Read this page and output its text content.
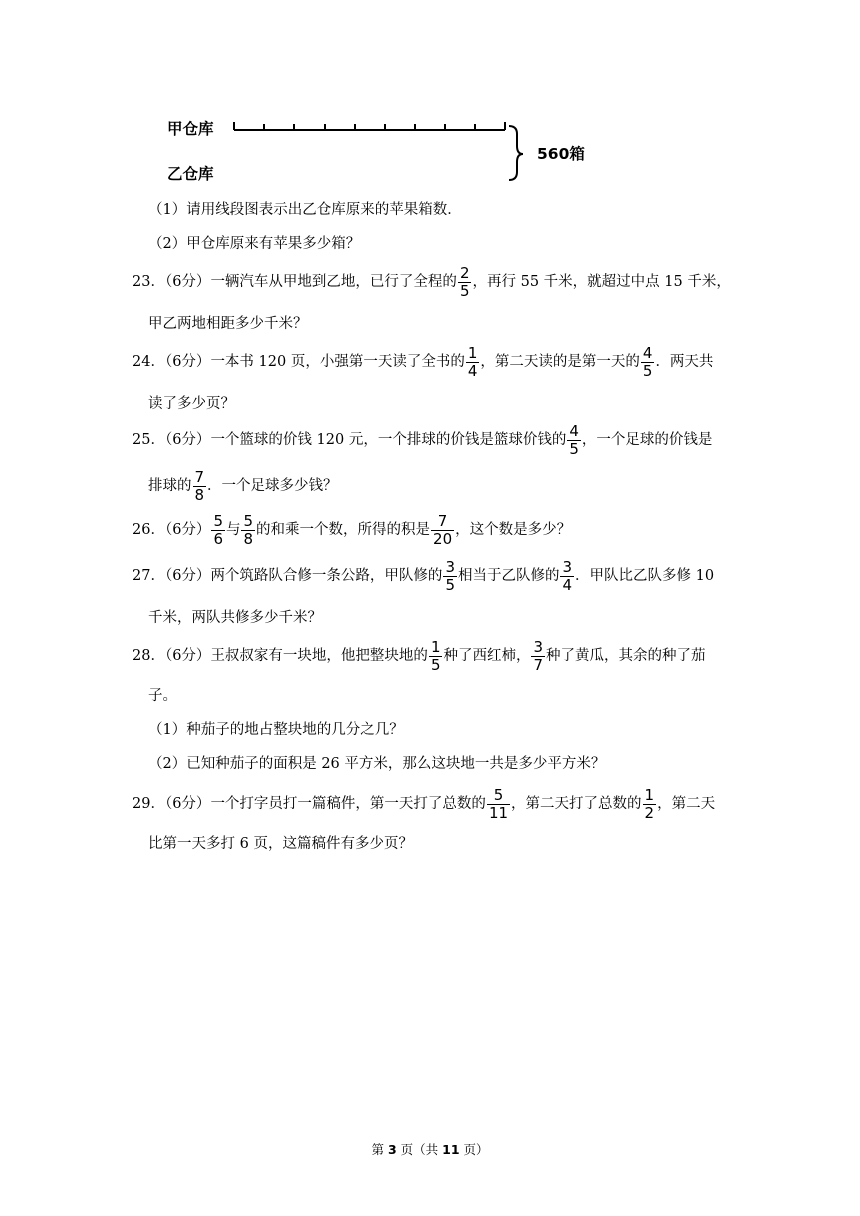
甲仓库
乙仓库
560箱
（1）请用线段图表示出乙仓库原来的苹果箱数．
（2）甲仓库原来有苹果多少箱？
23．（6分）一辆汽车从甲地到乙地，已行了全程的 $\frac{2}{5}$ ，再行 55 千米，就超过中点 15 千米，
甲乙两地相距多少千米？
24．（6分）一本书 120 页，小强第一天读了全书的 $\frac{1}{4}$ ，第二天读的是第一天的 $\frac{4}{5}$ ．两天共
读了多少页？
25．（6分）一个篮球的价钱 120 元，一个排球的价钱是篮球价钱的 $\frac{4}{5}$ ，一个足球的价钱是
排球的 $\frac{7}{8}$ ．一个足球多少钱？
26．（6分） $\frac{5}{6}$ 与 $\frac{5}{8}$ 的和乘一个数，所得的积是 $\frac{7}{20}$ ，这个数是多少？
27．（6分）两个筑路队合修一条公路，甲队修的 $\frac{3}{5}$ 相当于乙队修的 $\frac{3}{4}$ ．甲队比乙队多修 10
千米，两队共修多少千米？
28．（6分）王叔叔家有一块地，他把整块地的 $\frac{1}{5}$ 种了西红柿， $\frac{3}{7}$ 种了黄瓜，其余的种了茄
子。
（1）种茄子的地占整块地的几分之几？
（2）已知种茄子的面积是 26 平方米，那么这块地一共是多少平方米？
29．（6分）一个打字员打一篇稿件，第一天打了总数的 $\frac{5}{11}$ ，第二天打了总数的 $\frac{1}{2}$ ，第二天
比第一天多打 6 页，这篇稿件有多少页？
第 3 页（共 11 页）
